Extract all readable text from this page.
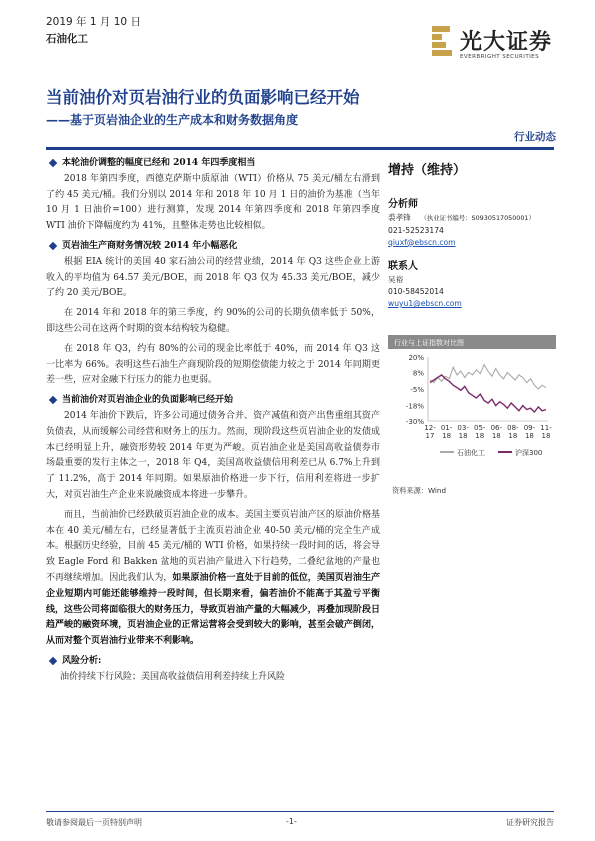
2019 年 1 月 10 日
石油化工	光大证券
EVERBRIGHT SECURITIES
当前油价对页岩油行业的负面影响已经开始
——基于页岩油企业的生产成本和财务数据角度
行业动态
本轮油价调整的幅度已经和 2014 年四季度相当

2018 年第四季度，西德克萨斯中质原油（WTI）价格从 75 美元/桶左右滑到了约 45 美元/桶。我们分别以 2014 年和 2018 年 10 月 1 日的油价为基准（当年 10 月 1 日油价=100）进行测算，发现 2014 年第四季度和 2018 年第四季度 WTI 油价下降幅度约为 41%，且整体走势也比较相似。

页岩油生产商财务情况较 2014 年小幅恶化

根据 EIA 统计的美国 40 家石油公司的经营业绩，2014 年 Q3 这些企业上游收入的平均值为 64.57 美元/BOE，而 2018 年 Q3 仅为 45.33 美元/BOE，减少了约 20 美元/BOE。

在 2014 年和 2018 年的第三季度，约 90%的公司的长期负债率低于 50%，即这些公司在这两个时期的资本结构较为稳健。

在 2018 年 Q3，约有 80%的公司的现金比率低于 40%，而 2014 年 Q3 这一比率为 66%。表明这些石油生产商现阶段的短期偿债能力较之于 2014 年同期更差一些，应对金融下行压力的能力也更弱。

当前油价对页岩油企业的负面影响已经开始

2014 年油价下跌后，许多公司通过债务合并、资产减值和资产出售重组其资产负债表，从而缓解公司经营和财务上的压力。然而，现阶段这些页岩油企业的发债成本已经明显上升，融资形势较 2014 年更为严峻。页岩油企业是美国高收益债券市场最重要的发行主体之一，2018 年 Q4，美国高收益债信用利差已从 6.7%上升到了 11.2%，高于 2014 年同期。如果原油价格进一步下行，信用利差将进一步扩大，对页岩油生产企业来说融资成本将进一步攀升。

而且，当前油价已经跌破页岩油企业的成本。美国主要页岩油产区的原油价格基本在 40 美元/桶左右，已经显著低于主流页岩油企业 40-50 美元/桶的完全生产成本。根据历史经验，目前 45 美元/桶的 WTI 价格，如果持续一段时间的话，将会导致 Eagle Ford 和 Bakken 盆地的页岩油产量进入下行趋势，二叠纪盆地的产量也不再继续增加。因此我们认为，如果原油价格一直处于目前的低位，美国页岩油生产企业短期内可能还能够维持一段时间，但长期来看，偏若油价不能高于其盈亏平衡线，这些公司将面临很大的财务压力，导致页岩油产量的大幅减少，再叠加现阶段日趋严峻的融资环境，页岩油企业的正常运营将会受到较大的影响，甚至会破产倒闭，从而对整个页岩油行业带来不利影响。

风险分析:

油价持续下行风险；美国高收益债信用利差持续上升风险

增持（维持）
分析师
裘孝锋 （执业证书编号：S0930517050001）
021-52523174
qiuxf@ebscn.com
联系人
吴裕
010-58452014
wuyu1@ebscn.com
行业与上证指数对比图
20%
8%
-5%
-18%
-30%
12-
17
01-
18
03-
18
05-
18
06-
18
08-
18
09-
18
11-
18
石油化工	沪深300
资料来源：Wind
敬请参阅最后一页特别声明	-1-	证券研究报告
